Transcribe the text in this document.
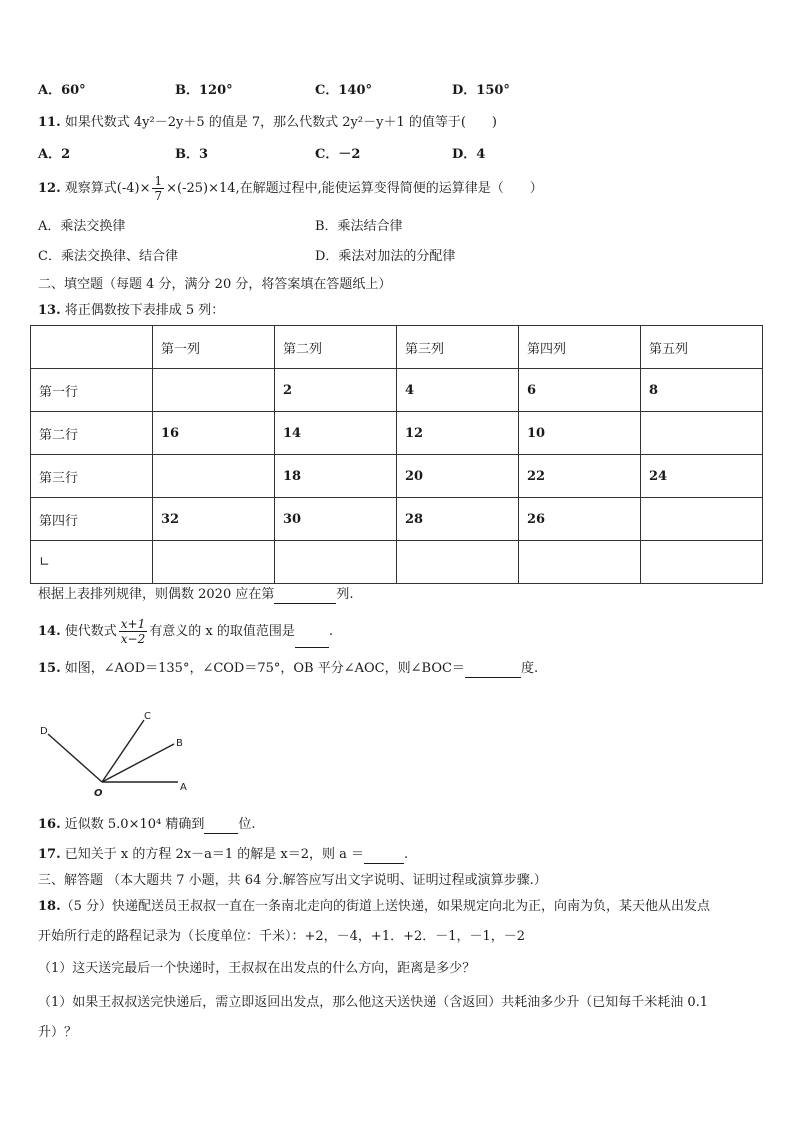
A．60°	B．120°	C．140°	D．150°
11. 如果代数式 4y²－2y＋5 的值是 7，那么代数式 2y²－y＋1 的值等于(　　)
A．2	B．3	C．－2	D．4
12. 观察算式$(-4)\times \frac{1}{7} \times(-25)\times 14$,在解题过程中,能使运算变得简便的运算律是（　　）
A．乘法交换律	B．乘法结合律
C．乘法交换律、结合律	D．乘法对加法的分配律
二、填空题（每题 4 分，满分 20 分，将答案填在答题纸上）
13. 将正偶数按下表排成 5 列：
	第一列	第二列	第三列	第四列	第五列
第一行		2	4	6	8
第二行	16	14	12	10	
第三行		18	20	22	24
第四行	32	30	28	26	
∟					
根据上表排列规律，则偶数 2020 应在第	列.
14. 使代数式 $\frac{x+1}{x-2}$ 有意义的 x 的取值范围是	.
15. 如图，∠AOD＝135°，∠COD＝75°，OB 平分∠AOC，则∠BOC＝	度.
A
B
C
D
O
16. 近似数 5.0×10⁴ 精确到	位.
17. 已知关于 x 的方程 2x－a＝1 的解是 x＝2，则 a ＝	.
三、解答题 （本大题共 7 小题，共 64 分.解答应写出文字说明、证明过程或演算步骤.）
18.（5 分）快递配送员王叔叔一直在一条南北走向的街道上送快递，如果规定向北为正，向南为负，某天他从出发点
开始所行走的路程记录为（长度单位：千米）：+2，－4，+1．+2．－1，－1，－2
（1）这天送完最后一个快递时，王叔叔在出发点的什么方向，距离是多少？
（1）如果王叔叔送完快递后，需立即返回出发点，那么他这天送快递（含返回）共耗油多少升（已知每千米耗油 0.1
升）？
